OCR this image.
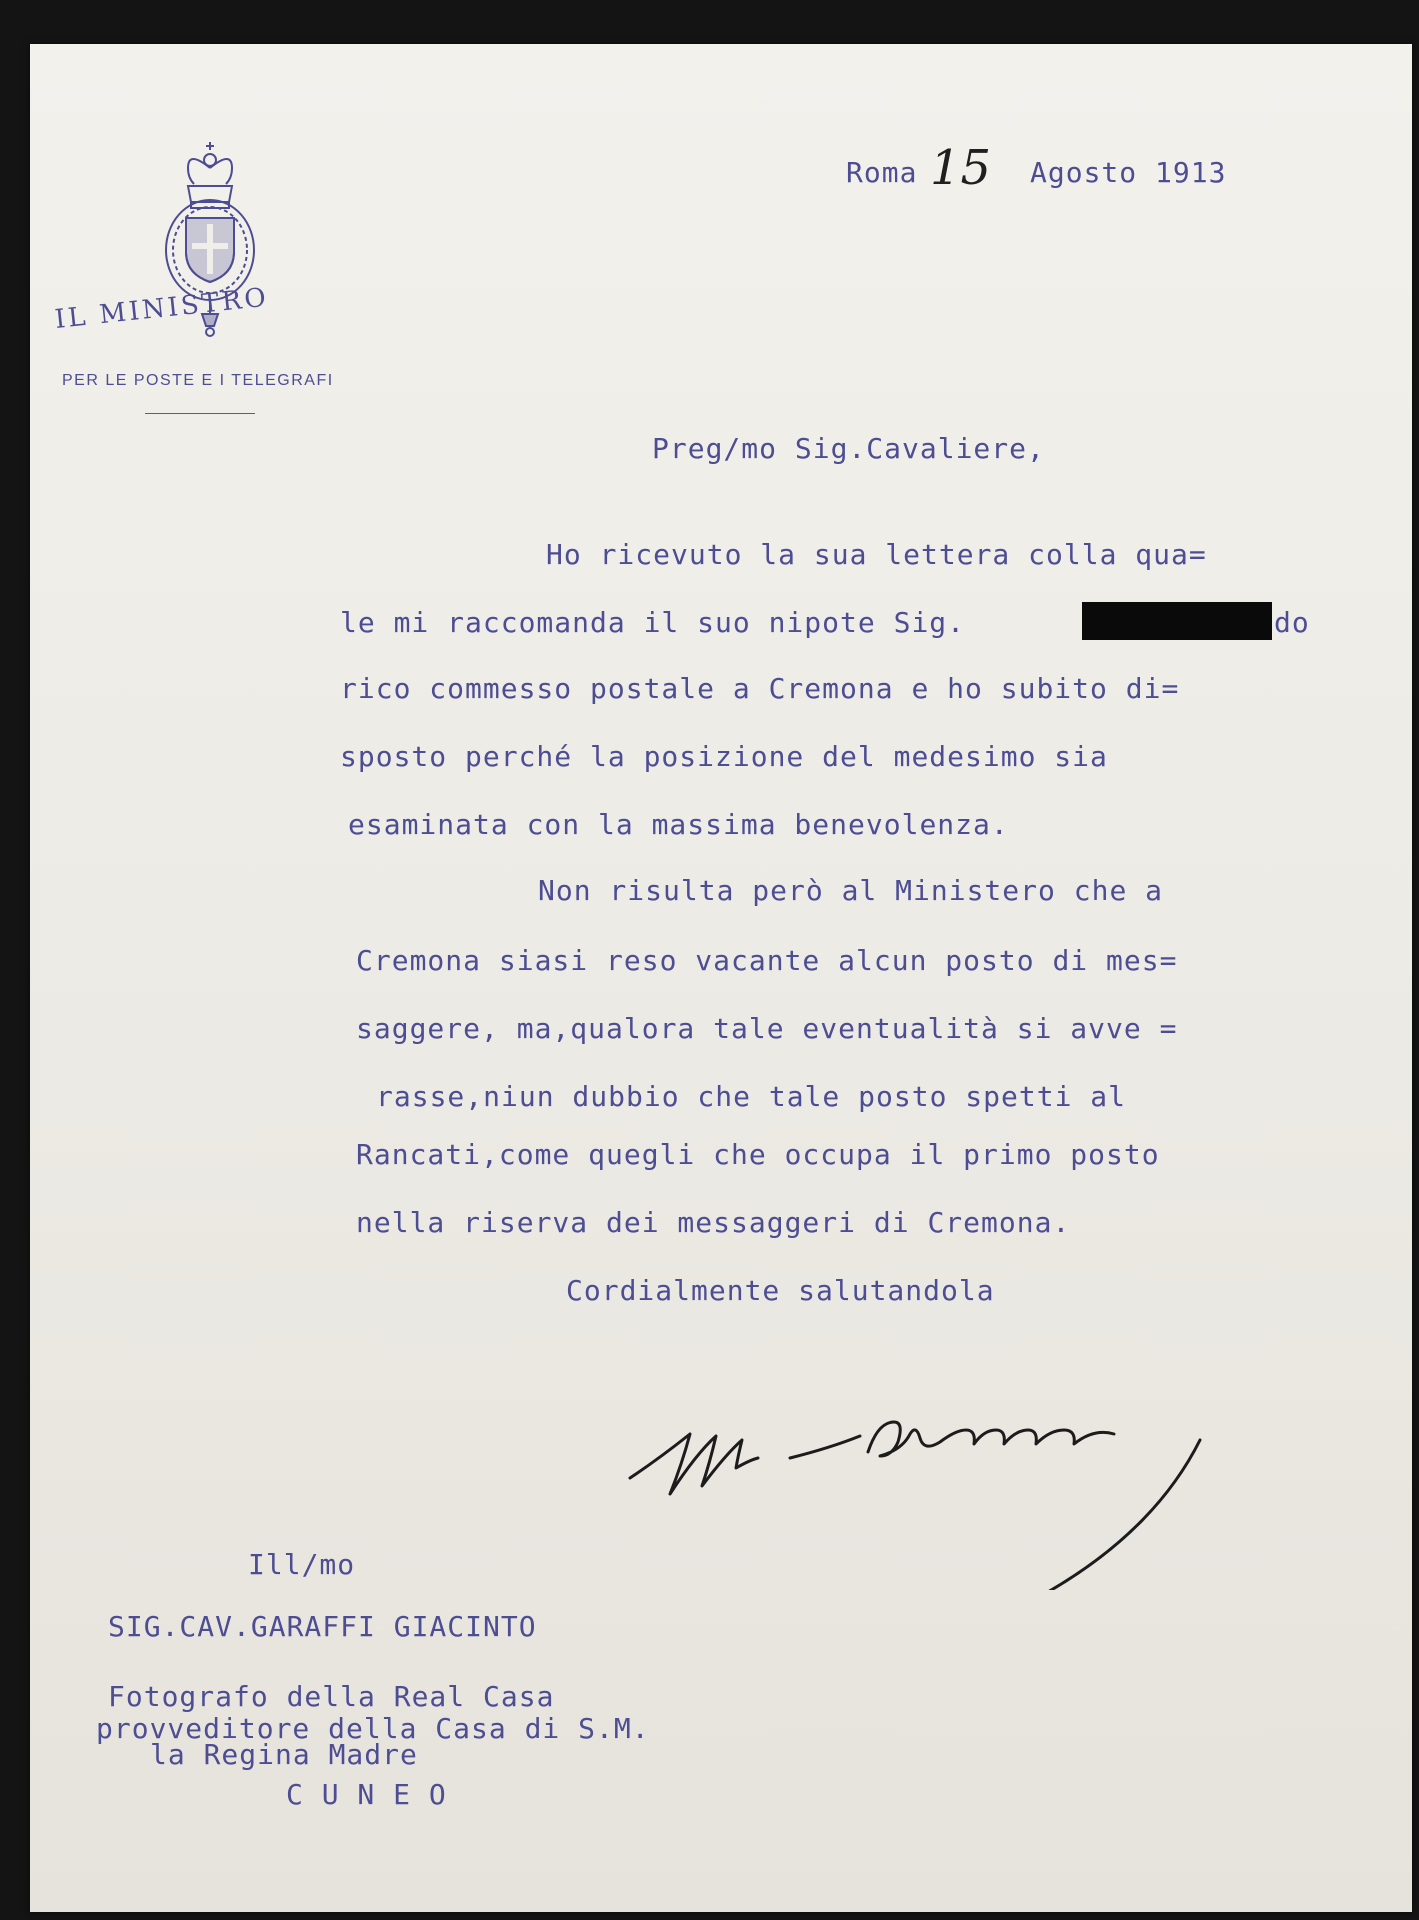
IL MINISTRO
PER LE POSTE E I TELEGRAFI
Roma 15 Agosto 1913
Preg/mo Sig.Cavaliere,
Ho ricevuto la sua lettera colla qua=
le mi raccomanda il suo nipote Sig.	do
rico commesso postale a Cremona e ho subito di=
sposto perché la posizione del medesimo sia
esaminata con la massima benevolenza.
Non risulta però al Ministero che a
Cremona siasi reso vacante alcun posto di mes=
saggere, ma,qualora tale eventualità si avve =
rasse,niun dubbio che tale posto spetti al
Rancati,come quegli che occupa il primo posto
nella riserva dei messaggeri di Cremona.
Cordialmente salutandola
Ill/mo
SIG.CAV.GARAFFI GIACINTO
Fotografo della Real Casa
provveditore della Casa di S.M.
la Regina Madre
C U N E O
